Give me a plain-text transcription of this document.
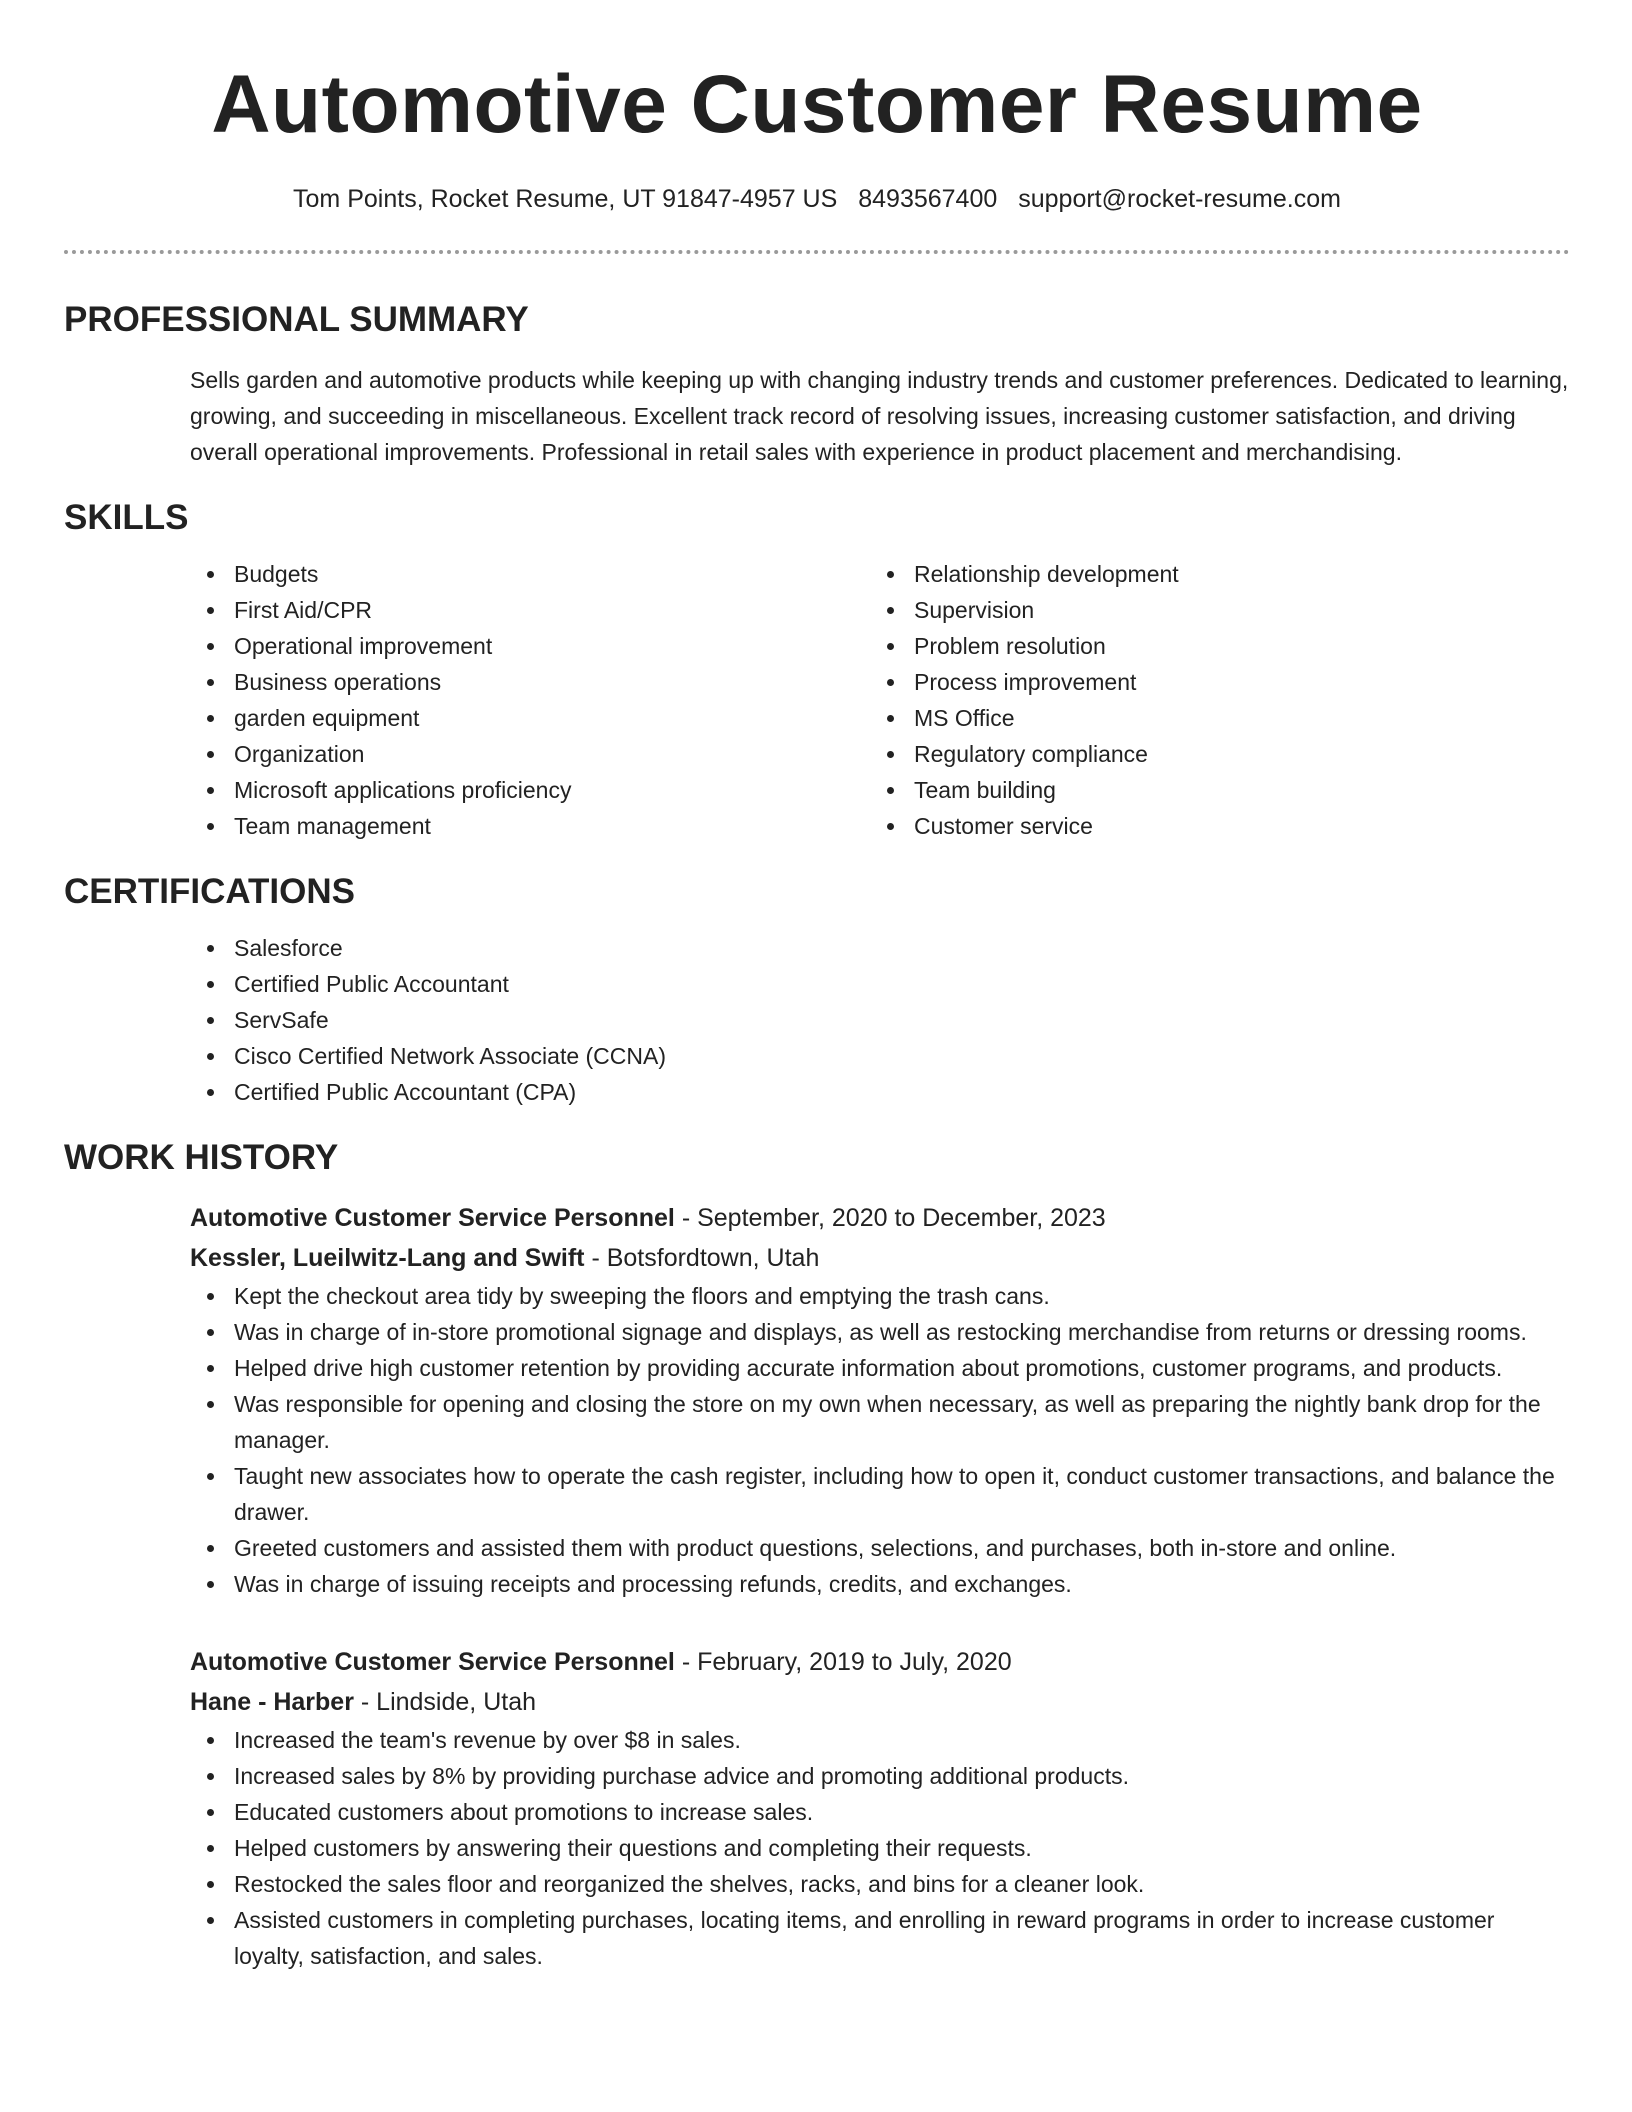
Automotive Customer Resume
Tom Points, Rocket Resume, UT 91847-4957 US 8493567400 support@rocket-resume.com
PROFESSIONAL SUMMARY

Sells garden and automotive products while keeping up with changing industry trends and customer preferences. Dedicated to learning, growing, and succeeding in miscellaneous. Excellent track record of resolving issues, increasing customer satisfaction, and driving overall operational improvements. Professional in retail sales with experience in product placement and merchandising.

SKILLS
Budgets
First Aid/CPR
Operational improvement
Business operations
garden equipment
Organization
Microsoft applications proficiency
Team management
Relationship development
Supervision
Problem resolution
Process improvement
MS Office
Regulatory compliance
Team building
Customer service
CERTIFICATIONS
Salesforce
Certified Public Accountant
ServSafe
Cisco Certified Network Associate (CCNA)
Certified Public Accountant (CPA)
WORK HISTORY
Automotive Customer Service Personnel - September, 2020 to December, 2023
Kessler, Lueilwitz-Lang and Swift - Botsfordtown, Utah
Kept the checkout area tidy by sweeping the floors and emptying the trash cans.
Was in charge of in-store promotional signage and displays, as well as restocking merchandise from returns or dressing rooms.
Helped drive high customer retention by providing accurate information about promotions, customer programs, and products.
Was responsible for opening and closing the store on my own when necessary, as well as preparing the nightly bank drop for the manager.
Taught new associates how to operate the cash register, including how to open it, conduct customer transactions, and balance the drawer.
Greeted customers and assisted them with product questions, selections, and purchases, both in-store and online.
Was in charge of issuing receipts and processing refunds, credits, and exchanges.
Automotive Customer Service Personnel - February, 2019 to July, 2020
Hane - Harber - Lindside, Utah
Increased the team's revenue by over $8 in sales.
Increased sales by 8% by providing purchase advice and promoting additional products.
Educated customers about promotions to increase sales.
Helped customers by answering their questions and completing their requests.
Restocked the sales floor and reorganized the shelves, racks, and bins for a cleaner look.
Assisted customers in completing purchases, locating items, and enrolling in reward programs in order to increase customer loyalty, satisfaction, and sales.
